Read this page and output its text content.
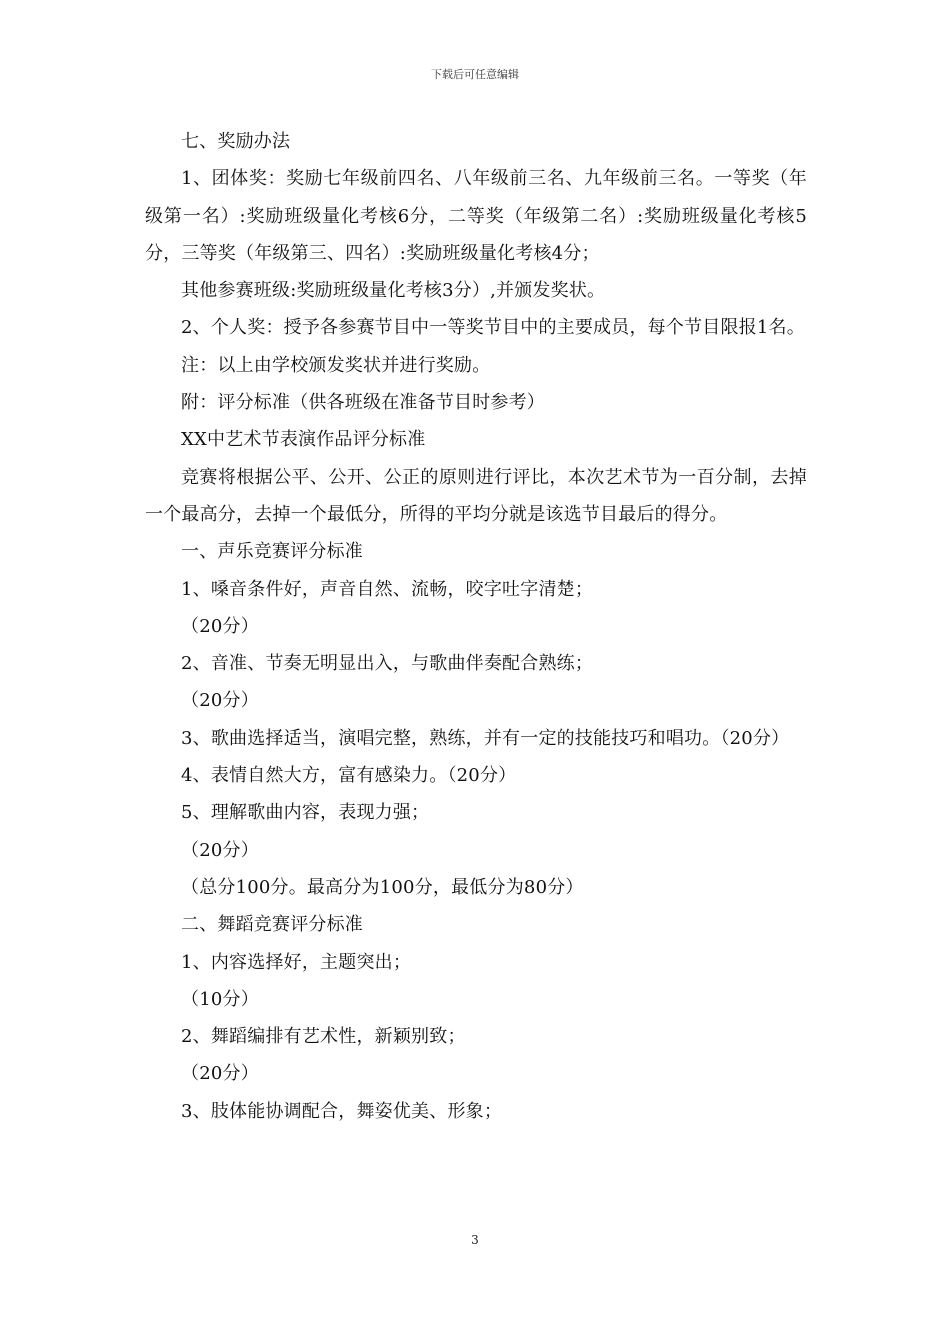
下载后可任意编辑

七、奖励办法

1、团体奖：奖励七年级前四名、八年级前三名、九年级前三名。一等奖（年级第一名）:奖励班级量化考核6分，二等奖（年级第二名）:奖励班级量化考核5分，三等奖（年级第三、四名）:奖励班级量化考核4分；

其他参赛班级:奖励班级量化考核3分）,并颁发奖状。

2、个人奖：授予各参赛节目中一等奖节目中的主要成员，每个节目限报1名。

注：以上由学校颁发奖状并进行奖励。

附：评分标准（供各班级在准备节目时参考）

XX中艺术节表演作品评分标准

竞赛将根据公平、公开、公正的原则进行评比，本次艺术节为一百分制，去掉一个最高分，去掉一个最低分，所得的平均分就是该选节目最后的得分。

一、声乐竞赛评分标准

1、嗓音条件好，声音自然、流畅，咬字吐字清楚；

（20分）

2、音准、节奏无明显出入，与歌曲伴奏配合熟练；

（20分）

3、歌曲选择适当，演唱完整，熟练，并有一定的技能技巧和唱功。（20分）

4、表情自然大方，富有感染力。（20分）

5、理解歌曲内容，表现力强；

（20分）

（总分100分。最高分为100分，最低分为80分）

二、舞蹈竞赛评分标准

1、内容选择好，主题突出；

（10分）

2、舞蹈编排有艺术性，新颖别致；

（20分）

3、肢体能协调配合，舞姿优美、形象；

3
